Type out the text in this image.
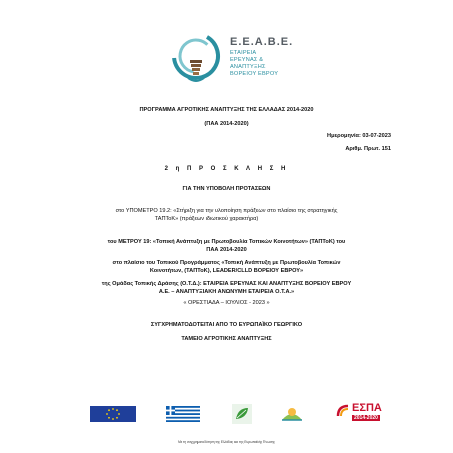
Ε.Ε.Α.Β.Ε.
ΕΤΑΙΡΕΙΑ
ΕΡΕΥΝΑΣ &
ΑΝΑΠΤΥΞΗΣ
ΒΟΡΕΙΟΥ ΕΒΡΟΥ
ΠΡΟΓΡΑΜΜΑ ΑΓΡΟΤΙΚΗΣ ΑΝΑΠΤΥΞΗΣ ΤΗΣ ΕΛΛΑΔΑΣ 2014-2020
(ΠΑΑ 2014-2020)
Ημερομηνία: 03-07-2023
Αριθμ. Πρωτ. 151
2 η Π Ρ Ο Σ Κ Λ Η Σ Η
ΓΙΑ ΤΗΝ ΥΠΟΒΟΛΗ ΠΡΟΤΑΣΕΩΝ
στο ΥΠΟΜΕΤΡΟ 19.2: «Στήριξη για την υλοποίηση πράξεων στο πλαίσιο της στρατηγικής
ΤΑΠΤοΚ» (πράξεων ιδιωτικού χαρακτήρα)
του ΜΕΤΡΟΥ 19: «Τοπική Ανάπτυξη με Πρωτοβουλία Τοπικών Κοινοτήτων» (ΤΑΠΤοΚ) του
ΠΑΑ 2014-2020
στο πλαίσιο του Τοπικού Προγράμματος «Τοπική Ανάπτυξη με Πρωτοβουλία Τοπικών
Κοινοτήτων, (ΤΑΠΤοΚ), LEADER/CLLD ΒΟΡΕΙΟΥ ΕΒΡΟΥ»
της Ομάδας Τοπικής Δράσης (Ο.Τ.Δ.): ΕΤΑΙΡΕΙΑ ΕΡΕΥΝΑΣ ΚΑΙ ΑΝΑΠΤΥΞΗΣ ΒΟΡΕΙΟΥ ΕΒΡΟΥ
Α.Ε. – ΑΝΑΠΤΥΞΙΑΚΗ ΑΝΩΝΥΜΗ ΕΤΑΙΡΕΙΑ Ο.Τ.Α.»
« ΟΡΕΣΤΙΑΔΑ – ΙΟΥΛΙΟΣ - 2023 »
ΣΥΓΧΡΗΜΑΤΟΔΟΤΕΙΤΑΙ ΑΠΟ ΤΟ ΕΥΡΩΠΑΪΚΟ ΓΕΩΡΓΙΚΟ
ΤΑΜΕΙΟ ΑΓΡΟΤΙΚΗΣ ΑΝΑΠΤΥΞΗΣ
ΕΣΠΑ
2014-2020
Με τη συγχρηματοδότηση της Ελλάδας και της Ευρωπαϊκής Ένωσης
